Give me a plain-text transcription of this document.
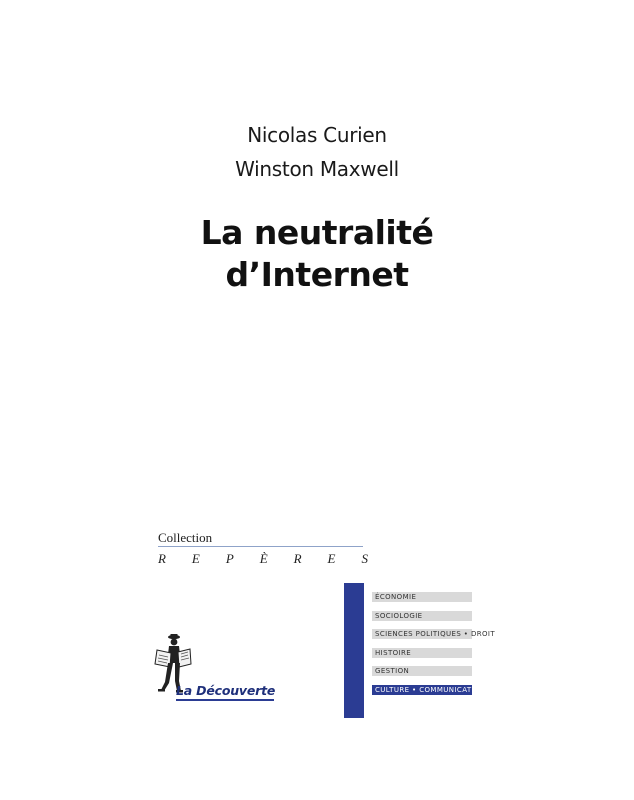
Nicolas Curien
Winston Maxwell
La neutralité
d’Internet
Collection
R E P È R E S
ÉCONOMIE
SOCIOLOGIE
SCIENCES POLITIQUES • DROIT
HISTOIRE
GESTION
CULTURE • COMMUNICATION
La Découverte
